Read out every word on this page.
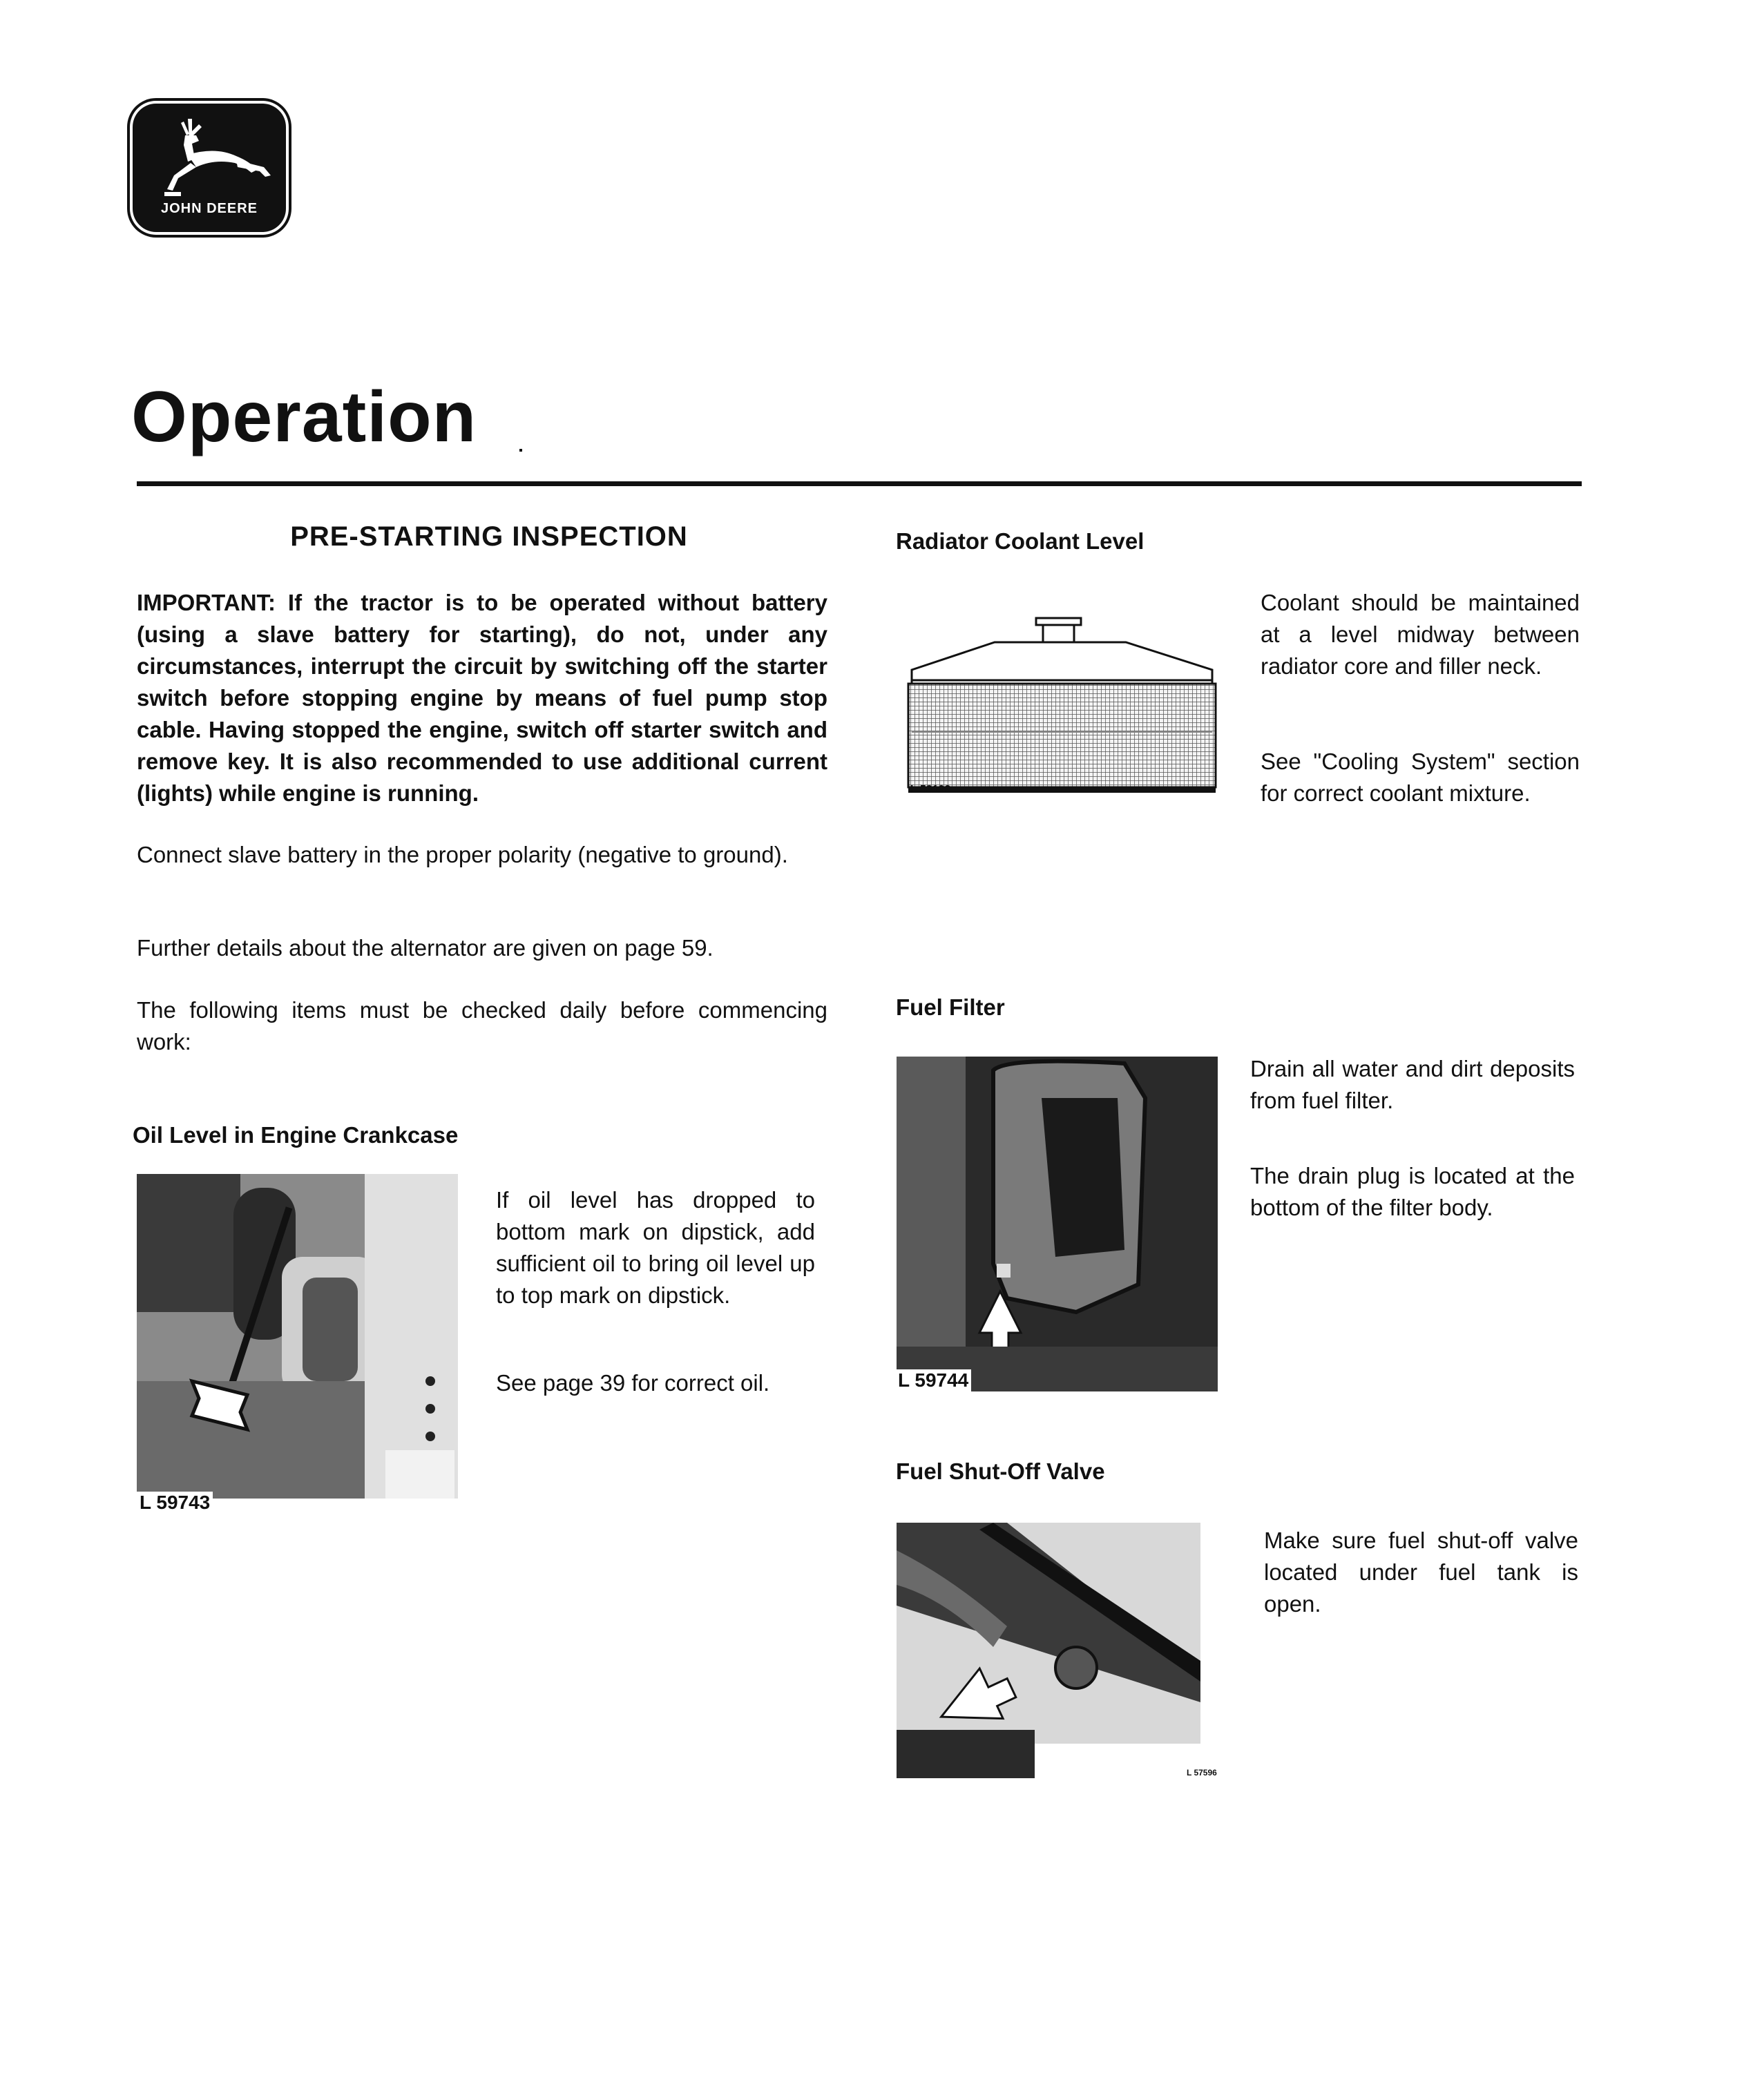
JOHN DEERE
Operation
PRE-STARTING INSPECTION
IMPORTANT: If the tractor is to be operated without battery (using a slave battery for starting), do not, under any circumstances, interrupt the circuit by switching off the starter switch before stopping engine by means of fuel pump stop cable. Having stopped the engine, switch off starter switch and remove key. It is also recommended to use additional current (lights) while engine is running.
Connect slave battery in the proper polarity (negative to ground).
Further details about the alternator are given on page 59.
The following items must be checked daily before commencing work:
Oil Level in Engine Crankcase
L 59743
If oil level has dropped to bottom mark on dipstick, add sufficient oil to bring oil level up to top mark on dipstick.
See page 39 for correct oil.
Radiator Coolant Level
L 53193
Coolant should be maintained at a level midway between radiator core and filler neck.
See "Cooling System" section for correct coolant mixture.
Fuel Filter
L 59744
Drain all water and dirt deposits from fuel filter.
The drain plug is located at the bottom of the filter body.
Fuel Shut-Off Valve
L 57596
Make sure fuel shut-off valve located under fuel tank is open.
